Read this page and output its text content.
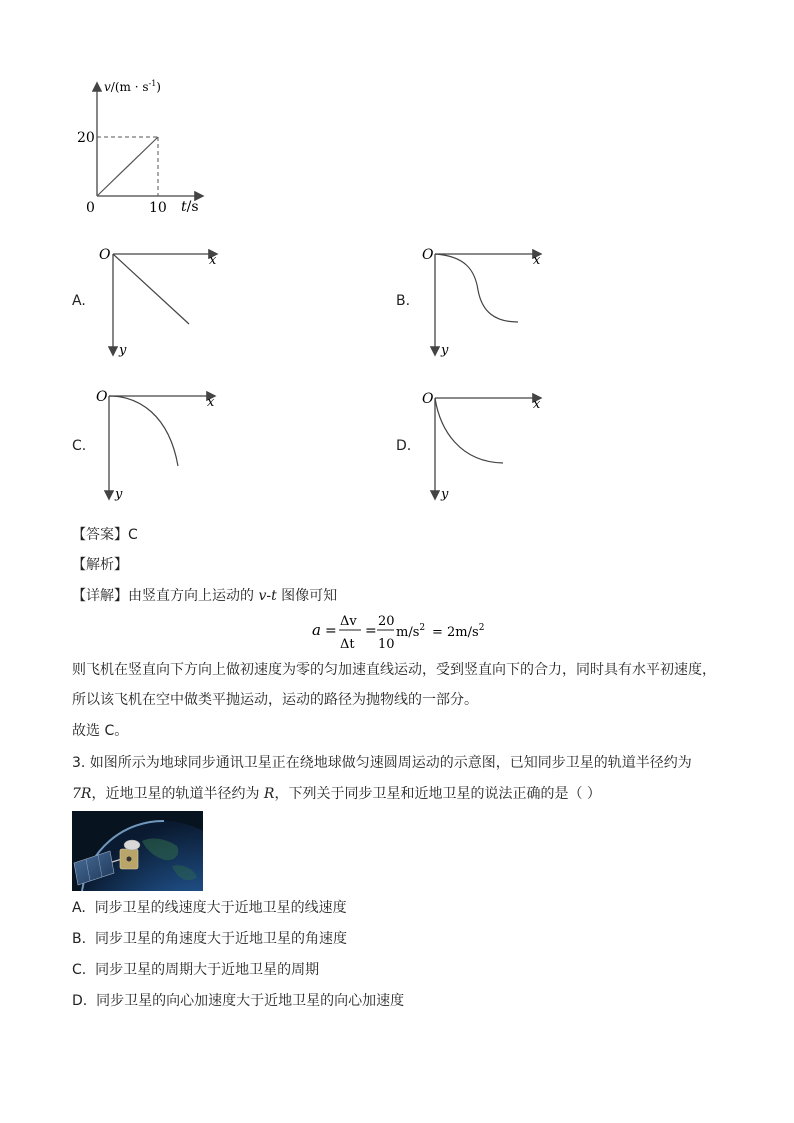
$v/(m \cdot s^{-1})$
20
0	10 t/s
A.
O	x
y
B.
O	x
y
C.
O	x
y
D.
O	x
y
【答案】C
【解析】
【详解】由竖直方向上运动的 v-t 图像可知
a =
Δv
Δt
=
20
10
$m/s^2 = 2m/s^2$
则飞机在竖直向下方向上做初速度为零的匀加速直线运动，受到竖直向下的合力，同时具有水平初速度，
所以该飞机在空中做类平抛运动，运动的路径为抛物线的一部分。
故选 C。
3. 如图所示为地球同步通讯卫星正在绕地球做匀速圆周运动的示意图，已知同步卫星的轨道半径约为
7R，近地卫星的轨道半径约为 R，下列关于同步卫星和近地卫星的说法正确的是（ ）
A. 同步卫星的线速度大于近地卫星的线速度
B. 同步卫星的角速度大于近地卫星的角速度
C. 同步卫星的周期大于近地卫星的周期
D. 同步卫星的向心加速度大于近地卫星的向心加速度
